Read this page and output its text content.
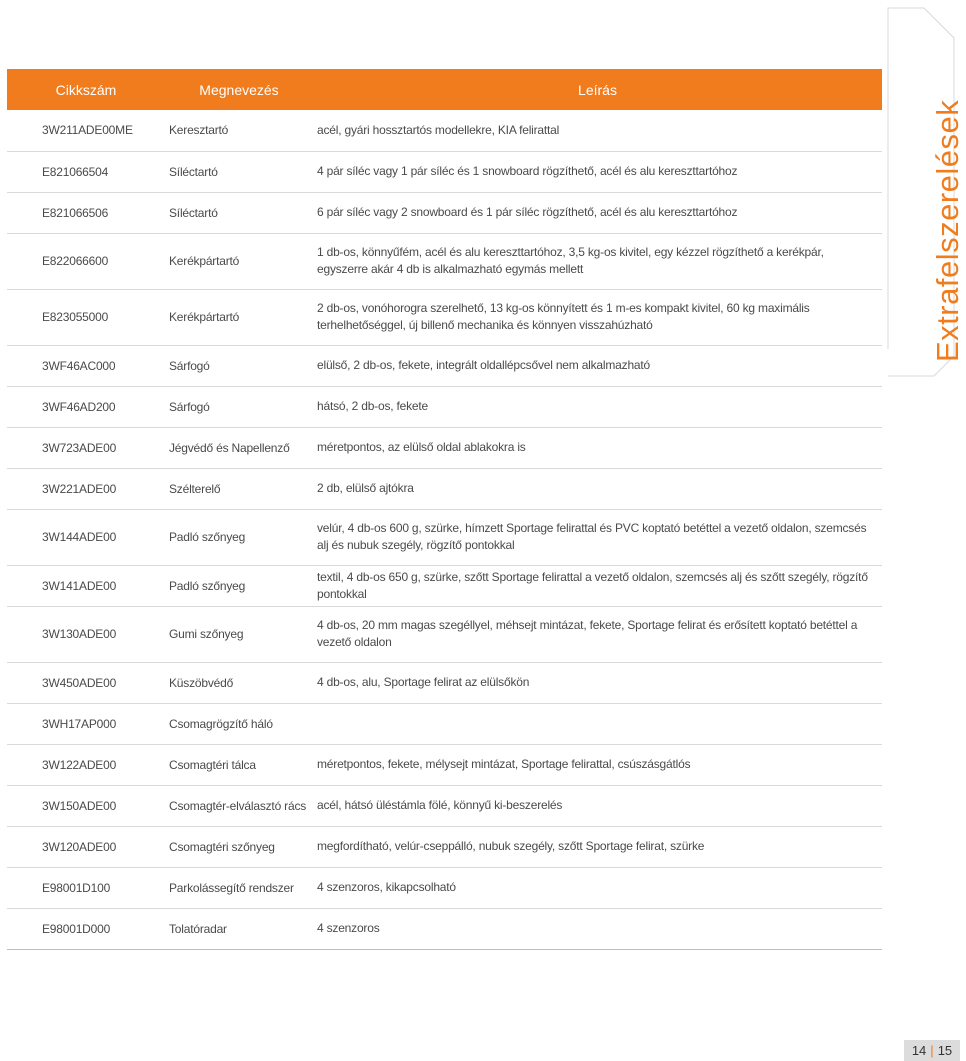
Cikkszám	Megnevezés	Leírás
3W211ADE00ME	Keresztartó	acél, gyári hossztartós modellekre, KIA felirattal
E821066504	Síléctartó	4 pár síléc vagy 1 pár síléc és 1 snowboard rögzíthető, acél és alu kereszttartóhoz
E821066506	Síléctartó	6 pár síléc vagy 2 snowboard és 1 pár síléc rögzíthető, acél és alu kereszttartóhoz
E822066600	Kerékpártartó	1 db-os, könnyűfém, acél és alu kereszttartóhoz, 3,5 kg-os kivitel, egy kézzel rögzíthető a kerékpár, egyszerre akár 4 db is alkalmazható egymás mellett
E823055000	Kerékpártartó	2 db-os, vonóhorogra szerelhető, 13 kg-os könnyített és 1 m-es kompakt kivitel, 60 kg maximális terhelhetőséggel, új billenő mechanika és könnyen visszahúzható
3WF46AC000	Sárfogó	elülső, 2 db-os, fekete, integrált oldallépcsővel nem alkalmazható
3WF46AD200	Sárfogó	hátsó, 2 db-os, fekete
3W723ADE00	Jégvédő és Napellenző	méretpontos, az elülső oldal ablakokra is
3W221ADE00	Szélterelő	2 db, elülső ajtókra
3W144ADE00	Padló szőnyeg	velúr, 4 db-os 600 g, szürke, hímzett Sportage felirattal és PVC koptató betéttel a vezető oldalon, szemcsés alj és nubuk szegély, rögzítő pontokkal
3W141ADE00	Padló szőnyeg	textil, 4 db-os 650 g, szürke, szőtt Sportage felirattal a vezető oldalon, szemcsés alj és szőtt szegély, rögzítő pontokkal
3W130ADE00	Gumi szőnyeg	4 db-os, 20 mm magas szegéllyel, méhsejt mintázat, fekete, Sportage felirat és erősített koptató betéttel a vezető oldalon
3W450ADE00	Küszöbvédő	4 db-os, alu, Sportage felirat az elülsőkön
3WH17AP000	Csomagrögzítő háló	
3W122ADE00	Csomagtéri tálca	méretpontos, fekete, mélysejt mintázat, Sportage felirattal, csúszásgátlós
3W150ADE00	Csomagtér-elválasztó rács	acél, hátsó üléstámla fölé, könnyű ki-beszerelés
3W120ADE00	Csomagtéri szőnyeg	megfordítható, velúr-cseppálló, nubuk szegély, szőtt Sportage felirat, szürke
E98001D100	Parkolássegítő rendszer	4 szenzoros, kikapcsolható
E98001D000	Tolatóradar	4 szenzoros
Extrafelszerelések
14 | 15
